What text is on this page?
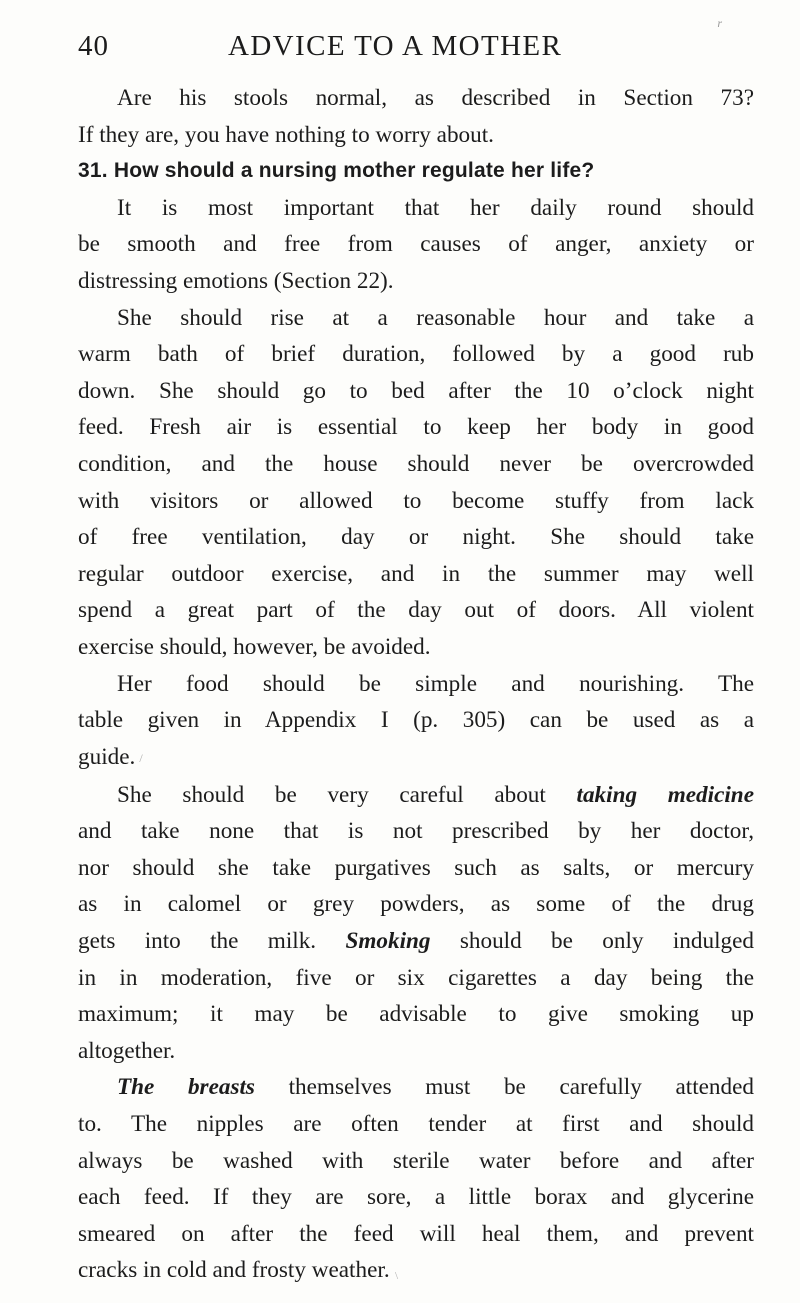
40	ADVICE TO A MOTHER
r
Are his stools normal, as described in Section 73?
If they are, you have nothing to worry about.
31. How should a nursing mother regulate her life?
It is most important that her daily round should
be smooth and free from causes of anger, anxiety or
distressing emotions (Section 22).
She should rise at a reasonable hour and take a
warm bath of brief duration, followed by a good rub
down. She should go to bed after the 10 o’clock night
feed. Fresh air is essential to keep her body in good
condition, and the house should never be overcrowded
with visitors or allowed to become stuffy from lack
of free ventilation, day or night. She should take
regular outdoor exercise, and in the summer may well
spend a great part of the day out of doors. All violent
exercise should, however, be avoided.
Her food should be simple and nourishing. The
table given in Appendix I (p. 305) can be used as a
guide. /
She should be very careful about taking medicine
and take none that is not prescribed by her doctor,
nor should she take purgatives such as salts, or mercury
as in calomel or grey powders, as some of the drug
gets into the milk. Smoking should be only indulged
in in moderation, five or six cigarettes a day being the
maximum; it may be advisable to give smoking up
altogether.
The breasts themselves must be carefully attended
to. The nipples are often tender at first and should
always be washed with sterile water before and after
each feed. If they are sore, a little borax and glycerine
smeared on after the feed will heal them, and prevent
cracks in cold and frosty weather. \
